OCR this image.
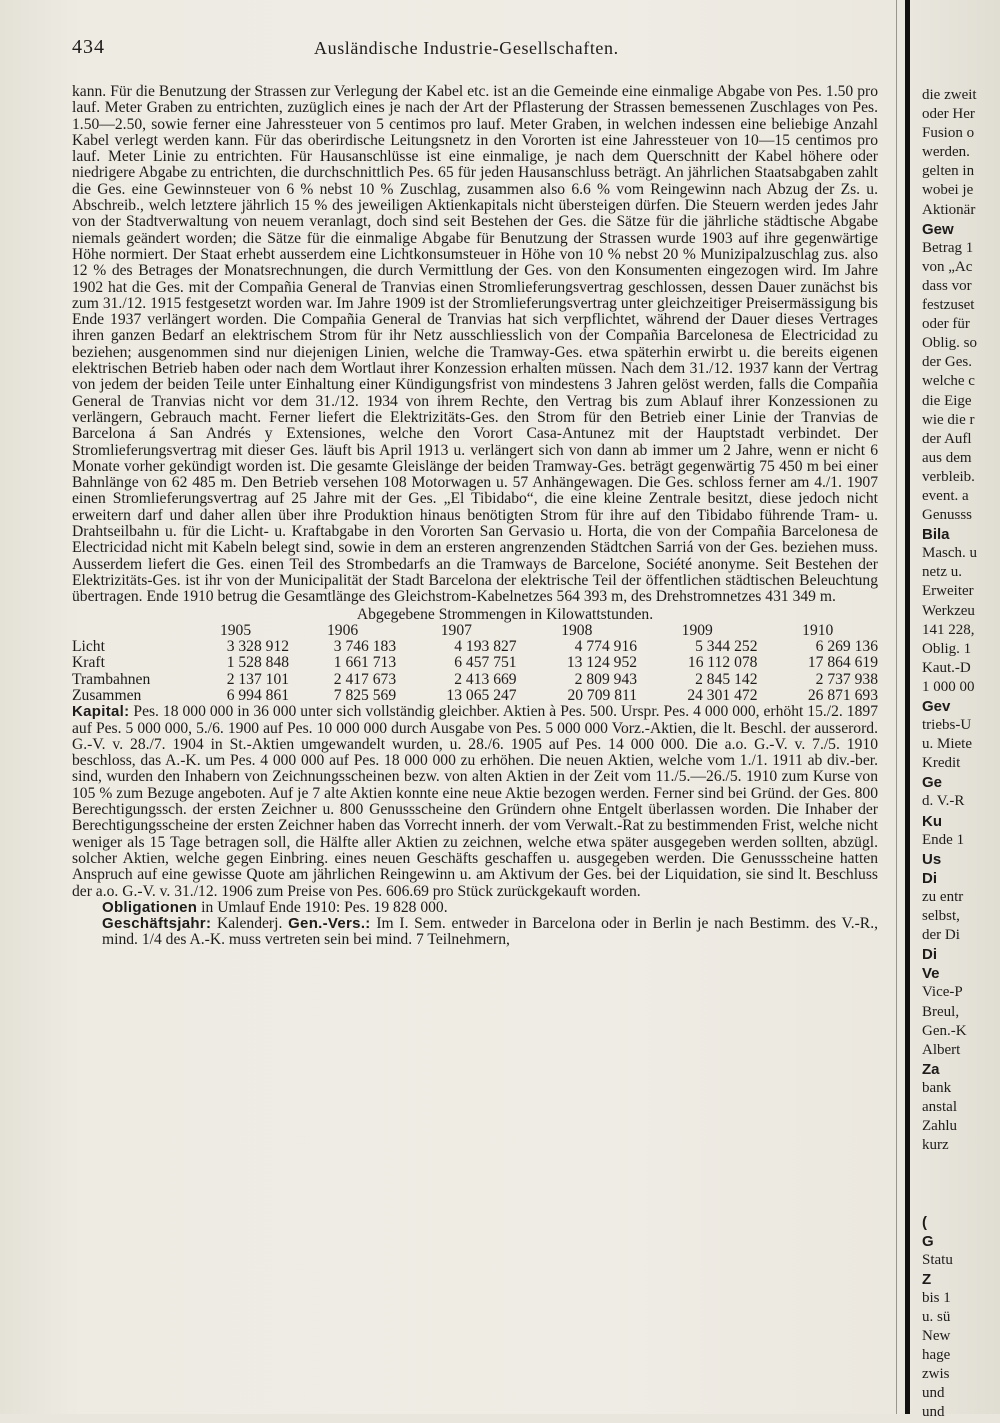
434	Ausländische Industrie-Gesellschaften.

kann. Für die Benutzung der Strassen zur Verlegung der Kabel etc. ist an die Gemeinde eine einmalige Abgabe von Pes. 1.50 pro lauf. Meter Graben zu entrichten, zuzüglich eines je nach der Art der Pflasterung der Strassen bemessenen Zuschlages von Pes. 1.50—2.50, sowie ferner eine Jahressteuer von 5 centimos pro lauf. Meter Graben, in welchen indessen eine beliebige Anzahl Kabel verlegt werden kann. Für das oberirdische Leitungsnetz in den Vororten ist eine Jahressteuer von 10—15 centimos pro lauf. Meter Linie zu entrichten. Für Hausanschlüsse ist eine einmalige, je nach dem Querschnitt der Kabel höhere oder niedrigere Abgabe zu entrichten, die durchschnittlich Pes. 65 für jeden Hausanschluss beträgt. An jährlichen Staatsabgaben zahlt die Ges. eine Gewinnsteuer von 6 % nebst 10 % Zuschlag, zusammen also 6.6 % vom Reingewinn nach Abzug der Zs. u. Abschreib., welch letztere jährlich 15 % des jeweiligen Aktienkapitals nicht übersteigen dürfen. Die Steuern werden jedes Jahr von der Stadtverwaltung von neuem veranlagt, doch sind seit Bestehen der Ges. die Sätze für die jährliche städtische Abgabe niemals geändert worden; die Sätze für die einmalige Abgabe für Benutzung der Strassen wurde 1903 auf ihre gegenwärtige Höhe normiert. Der Staat erhebt ausserdem eine Lichtkonsumsteuer in Höhe von 10 % nebst 20 % Munizipalzuschlag zus. also 12 % des Betrages der Monatsrechnungen, die durch Vermittlung der Ges. von den Konsumenten eingezogen wird. Im Jahre 1902 hat die Ges. mit der Compañia General de Tranvias einen Stromlieferungsvertrag geschlossen, dessen Dauer zunächst bis zum 31./12. 1915 festgesetzt worden war. Im Jahre 1909 ist der Stromlieferungsvertrag unter gleichzeitiger Preisermässigung bis Ende 1937 verlängert worden. Die Compañia General de Tranvias hat sich verpflichtet, während der Dauer dieses Vertrages ihren ganzen Bedarf an elektrischem Strom für ihr Netz ausschliesslich von der Compañia Barcelonesa de Electricidad zu beziehen; ausgenommen sind nur diejenigen Linien, welche die Tramway-Ges. etwa späterhin erwirbt u. die bereits eigenen elektrischen Betrieb haben oder nach dem Wortlaut ihrer Konzession erhalten müssen. Nach dem 31./12. 1937 kann der Vertrag von jedem der beiden Teile unter Einhaltung einer Kündigungsfrist von mindestens 3 Jahren gelöst werden, falls die Compañia General de Tranvias nicht vor dem 31./12. 1934 von ihrem Rechte, den Vertrag bis zum Ablauf ihrer Konzessionen zu verlängern, Gebrauch macht. Ferner liefert die Elektrizitäts-Ges. den Strom für den Betrieb einer Linie der Tranvias de Barcelona á San Andrés y Extensiones, welche den Vorort Casa-Antunez mit der Hauptstadt verbindet. Der Stromlieferungsvertrag mit dieser Ges. läuft bis April 1913 u. verlängert sich von dann ab immer um 2 Jahre, wenn er nicht 6 Monate vorher gekündigt worden ist. Die gesamte Gleislänge der beiden Tramway-Ges. beträgt gegenwärtig 75 450 m bei einer Bahnlänge von 62 485 m. Den Betrieb versehen 108 Motorwagen u. 57 Anhängewagen. Die Ges. schloss ferner am 4./1. 1907 einen Stromlieferungsvertrag auf 25 Jahre mit der Ges. „El Tibidabo“, die eine kleine Zentrale besitzt, diese jedoch nicht erweitern darf und daher allen über ihre Produktion hinaus benötigten Strom für ihre auf den Tibidabo führende Tram- u. Drahtseilbahn u. für die Licht- u. Kraftabgabe in den Vororten San Gervasio u. Horta, die von der Compañia Barcelonesa de Electricidad nicht mit Kabeln belegt sind, sowie in dem an ersteren angrenzenden Städtchen Sarriá von der Ges. beziehen muss. Ausserdem liefert die Ges. einen Teil des Strombedarfs an die Tramways de Barcelone, Société anonyme. Seit Bestehen der Elektrizitäts-Ges. ist ihr von der Municipalität der Stadt Barcelona der elektrische Teil der öffentlichen städtischen Beleuchtung übertragen. Ende 1910 betrug die Gesamtlänge des Gleichstrom-Kabelnetzes 564 393 m, des Drehstromnetzes 431 349 m.

Abgegebene Strommengen in Kilowattstunden.
	1905	1906	1907	1908	1909	1910
Licht	3 328 912	3 746 183	4 193 827	4 774 916	5 344 252	6 269 136
Kraft	1 528 848	1 661 713	6 457 751	13 124 952	16 112 078	17 864 619
Trambahnen	2 137 101	2 417 673	2 413 669	2 809 943	2 845 142	2 737 938
Zusammen	6 994 861	7 825 569	13 065 247	20 709 811	24 301 472	26 871 693

Kapital: Pes. 18 000 000 in 36 000 unter sich vollständig gleichber. Aktien à Pes. 500. Urspr. Pes. 4 000 000, erhöht 15./2. 1897 auf Pes. 5 000 000, 5./6. 1900 auf Pes. 10 000 000 durch Ausgabe von Pes. 5 000 000 Vorz.-Aktien, die lt. Beschl. der ausserord. G.-V. v. 28./7. 1904 in St.-Aktien umgewandelt wurden, u. 28./6. 1905 auf Pes. 14 000 000. Die a.o. G.-V. v. 7./5. 1910 beschloss, das A.-K. um Pes. 4 000 000 auf Pes. 18 000 000 zu erhöhen. Die neuen Aktien, welche vom 1./1. 1911 ab div.-ber. sind, wurden den Inhabern von Zeichnungsscheinen bezw. von alten Aktien in der Zeit vom 11./5.—26./5. 1910 zum Kurse von 105 % zum Bezuge angeboten. Auf je 7 alte Aktien konnte eine neue Aktie bezogen werden. Ferner sind bei Gründ. der Ges. 800 Berechtigungssch. der ersten Zeichner u. 800 Genussscheine den Gründern ohne Entgelt überlassen worden. Die Inhaber der Berechtigungsscheine der ersten Zeichner haben das Vorrecht innerh. der vom Verwalt.-Rat zu bestimmenden Frist, welche nicht weniger als 15 Tage betragen soll, die Hälfte aller Aktien zu zeichnen, welche etwa später ausgegeben werden sollten, abzügl. solcher Aktien, welche gegen Einbring. eines neuen Geschäfts geschaffen u. ausgegeben werden. Die Genussscheine hatten Anspruch auf eine gewisse Quote am jährlichen Reingewinn u. am Aktivum der Ges. bei der Liquidation, sie sind lt. Beschluss der a.o. G.-V. v. 31./12. 1906 zum Preise von Pes. 606.69 pro Stück zurückgekauft worden.

Obligationen in Umlauf Ende 1910: Pes. 19 828 000.

Geschäftsjahr: Kalenderj. Gen.-Vers.: Im I. Sem. entweder in Barcelona oder in Berlin je nach Bestimm. des V.-R., mind. 1/4 des A.-K. muss vertreten sein bei mind. 7 Teilnehmern,

die zweit
oder Her
Fusion o
werden.
gelten in
wobei je
Aktionär
Gew
Betrag 1
von „Ac
dass vor
festzuset
oder für
Oblig. so
der Ges.
welche c
die Eige
wie die r
der Aufl
aus dem
verbleib.
event. a
Genusss
Bila
Masch. u
netz u.
Erweiter
Werkzeu
141 228,
Oblig. 1
Kaut.-D
1 000 00
Gev
triebs-U
u. Miete
Kredit
Ge
d. V.-R
Ku
Ende 1
Us
Di
zu entr
selbst,
der Di
Di
Ve
Vice-P
Breul,
Gen.-K
Albert
Za
bank
anstal
Zahlu
kurz
(
G
Statu
Z
bis 1
u. sü
New
hage
zwis
und
und
